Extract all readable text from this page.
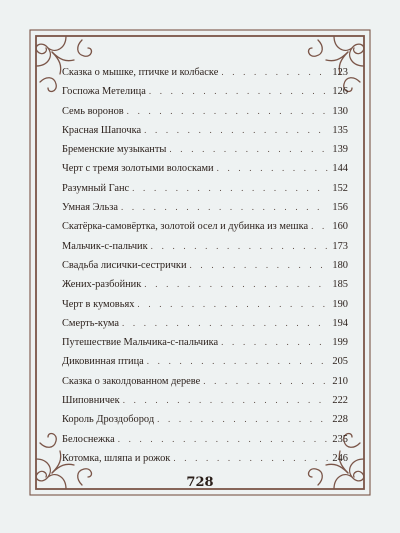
Сказка о мышке, птичке и колбаске . . .	123
Госпожа Метелица . . .	126
Семь воронов . . .	130
Красная Шапочка . . .	135
Бременские музыканты . . .	139
Черт с тремя золотыми волосками . . .	144
Разумный Ганс . . .	152
Умная Эльза . . .	156
Скатёрка-самовёртка, золотой осел и дубинка из мешка . . .	160
Мальчик-с-пальчик . . .	173
Свадьба лисички-сестрички . . .	180
Жених-разбойник . . .	185
Черт в кумовьях . . .	190
Смерть-кума . . .	194
Путешествие Мальчика-с-пальчика . . .	199
Диковинная птица . . .	205
Сказка о заколдованном дереве . . .	210
Шиповничек . . .	222
Король Дроздобород . . .	228
Белоснежка . . .	235
Котомка, шляпа и рожок . . .	246
728
